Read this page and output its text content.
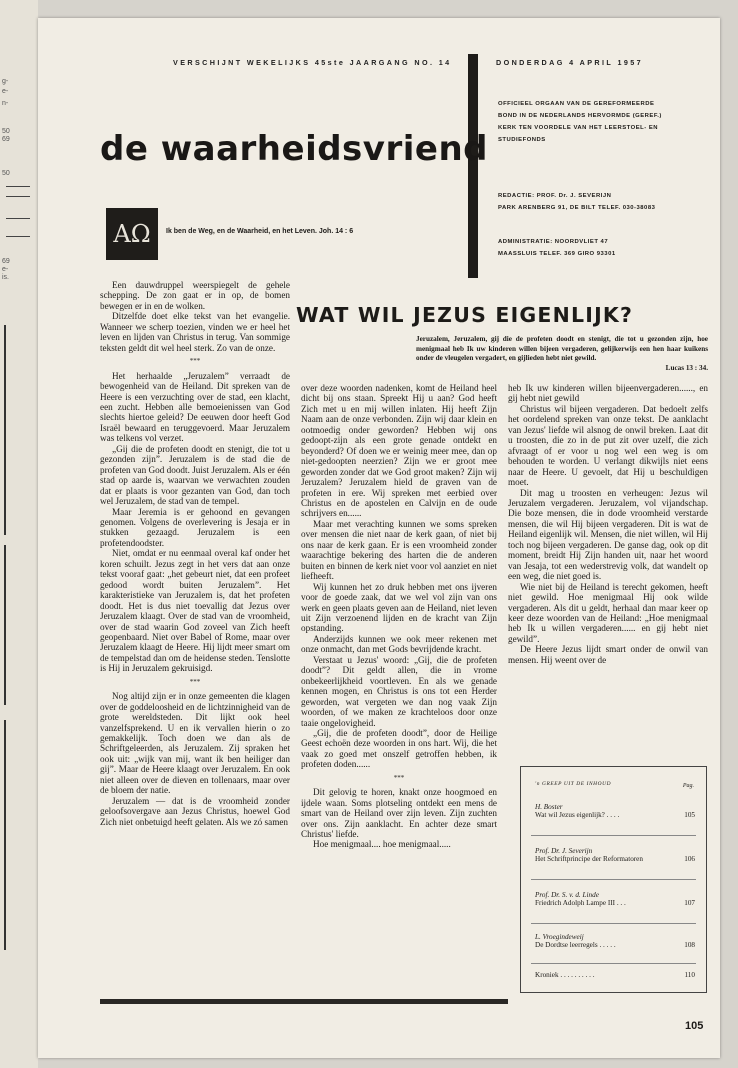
g-
e-
n-
50
69
50
69
e-
is.
VERSCHIJNT WEKELIJKS 45ste JAARGANG NO. 14	DONDERDAG 4 APRIL 1957
de waarheidsvriend
AΩ	Ik ben de Weg, en de Waarheid, en het Leven. Joh. 14 : 6
OFFICIEEL ORGAAN VAN DE GEREFORMEERDE
BOND IN DE NEDERLANDS HERVORMDE (GEREF.)
KERK TEN VOORDELE VAN HET LEERSTOEL- EN
STUDIEFONDS
REDACTIE: PROF. Dr. J. SEVERIJN
PARK ARENBERG 91, DE BILT TELEF. 030-38083
ADMINISTRATIE: NOORDVLIET 47
MAASSLUIS TELEF. 369 GIRO 93301
WAT WIL JEZUS EIGENLIJK?
Jeruzalem, Jeruzalem, gij die de profeten doodt en stenigt, die tot u gezonden zijn, hoe menigmaal heb Ik uw kinderen willen bijeen vergaderen, gelijkerwijs een hen haar kuikens onder de vleugelen vergadert, en gijlieden hebt niet gewild.
Lucas 13 : 34.

Een dauwdruppel weerspiegelt de gehele schepping. De zon gaat er in op, de bomen bewegen er in en de wolken.

Ditzelfde doet elke tekst van het evangelie. Wanneer we scherp toezien, vinden we er heel het leven en lijden van Christus in terug. Van sommige teksten geldt dit wel heel sterk. Zo van de onze.

***

Het herhaalde „Jeruzalem” verraadt de bewogenheid van de Heiland. Dit spreken van de Heere is een verzuchting over de stad, een klacht, een zucht. Hebben alle bemoeienissen van God slechts hiertoe geleid? De eeuwen door heeft God Israël bewaard en teruggevoerd. Maar Jeruzalem was telkens vol verzet.

„Gij die de profeten doodt en stenigt, die tot u gezonden zijn”. Jeruzalem is de stad die de profeten van God doodt. Juist Jeruzalem. Als er één stad op aarde is, waarvan we verwachten zouden dat er plaats is voor gezanten van God, dan toch wel Jeruzalem, de stad van de tempel.

Maar Jeremia is er gehoond en gevangen genomen. Volgens de overlevering is Jesaja er in stukken gezaagd. Jeruzalem is een profetendoodster.

Niet, omdat er nu eenmaal overal kaf onder het koren schuilt. Jezus zegt in het vers dat aan onze tekst vooraf gaat: „het gebeurt niet, dat een profeet gedood wordt buiten Jeruzalem”. Het karakteristieke van Jeruzalem is, dat het profeten doodt. Het is dus niet toevallig dat Jezus over Jeruzalem klaagt. Over de stad van de vroomheid, over de stad waarin God zoveel van Zich heeft geopenbaard. Niet over Babel of Rome, maar over Jeruzalem klaagt de Heere. Hij lijdt meer smart om de tempelstad dan om de heidense steden. Tenslotte is Hij in Jeruzalem gekruisigd.

***

Nog altijd zijn er in onze gemeenten die klagen over de goddeloosheid en de lichtzinnigheid van de grote wereldsteden. Dit lijkt ook heel vanzelfsprekend. U en ik vervallen hierin o zo gemakkelijk. Toch doen we dan als de Schriftgeleerden, als Jeruzalem. Zij spraken het ook uit: „wijk van mij, want ik ben heiliger dan gij”. Maar de Heere klaagt over Jeruzalem. En ook niet alleen over de dieven en tollenaars, maar over de bloem der natie.

Jeruzalem — dat is de vroomheid zonder geloofsovergave aan Jezus Christus, hoewel God Zich niet onbetuigd heeft gelaten. Als we zó samen

over deze woorden nadenken, komt de Heiland heel dicht bij ons staan. Spreekt Hij u aan? God heeft Zich met u en mij willen inlaten. Hij heeft Zijn Naam aan de onze verbonden. Zijn wij daar klein en ootmoedig onder geworden? Hebben wij ons gedoopt-zijn als een grote genade ontdekt en beyonderd? Of doen we er weinig meer mee, dan op niet-gedoopten neerzien? Zijn we er groot mee geworden zonder dat we God groot maken? Zijn wij Jeruzalem? Jeruzalem hield de graven van de profeten in ere. Wij spreken met eerbied over Christus en de apostelen en Calvijn en de oude schrijvers en......

Maar met verachting kunnen we soms spreken over mensen die niet naar de kerk gaan, of niet bij ons naar de kerk gaan. Er is een vroomheid zonder waarachtige bekering des harten die de anderen buiten en binnen de kerk niet voor vol aanziet en niet liefheeft.

Wij kunnen het zo druk hebben met ons ijveren voor de goede zaak, dat we wel vol zijn van ons werk en geen plaats geven aan de Heiland, niet leven uit Zijn verzoenend lijden en de kracht van Zijn opstanding.

Anderzijds kunnen we ook meer rekenen met onze onmacht, dan met Gods bevrijdende kracht.

Verstaat u Jezus' woord: „Gij, die de profeten doodt”? Dit geldt allen, die in vrome onbekeerlijkheid voortleven. En als we genade kennen mogen, en Christus is ons tot een Herder geworden, wat vergeten we dan nog vaak Zijn woorden, of we maken ze krachteloos door onze taaie ongelovigheid.

„Gij, die de profeten doodt”, door de Heilige Geest echoën deze woorden in ons hart. Wij, die het vaak zo goed met onszelf getroffen hebben, ik profeten doden......

***

Dit gelovig te horen, knakt onze hoogmoed en ijdele waan. Soms plotseling ontdekt een mens de smart van de Heiland over zijn leven. Zijn zuchten over ons. Zijn aanklacht. En achter deze smart Christus' liefde.

Hoe menigmaal.... hoe menigmaal.....

heb Ik uw kinderen willen bijeenvergaderen......, en gij hebt niet gewild

Christus wil bijeen vergaderen. Dat bedoelt zelfs het oordelend spreken van onze tekst. De aanklacht van Jezus' liefde wil alsnog de onwil breken. Laat dit u troosten, die zo in de put zit over uzelf, die zich afvraagt of er voor u nog wel een weg is om behouden te worden. U verlangt dikwijls niet eens naar de Heere. U gevoelt, dat Hij u beschuldigen moet.

Dit mag u troosten en verheugen: Jezus wil Jeruzalem vergaderen. Jeruzalem, vol vijandschap. Die boze mensen, die in dode vroomheid verstarde mensen, die wil Hij bijeen vergaderen. Dit is wat de Heiland eigenlijk wil. Mensen, die niet willen, wil Hij toch nog bijeen vergaderen. De ganse dag, ook op dit moment, breidt Hij Zijn handen uit, naar het woord van Jesaja, tot een wederstrevig volk, dat wandelt op een weg, die niet goed is.

Wie niet bij de Heiland is terecht gekomen, heeft niet gewild. Hoe menigmaal Hij ook wilde vergaderen. Als dit u geldt, herhaal dan maar keer op keer deze woorden van de Heiland: „Hoe menigmaal heb Ik u willen vergaderen...... en gij hebt niet gewild”.

De Heere Jezus lijdt smart onder de onwil van mensen. Hij weent over de

'n GREEP UIT DE INHOUD	Pag.
H. Boster
Wat wil Jezus eigenlijk? . . . .	105
Prof. Dr. J. Severijn
Het Schriftprincipe der Reformatoren	106
Prof. Dr. S. v. d. Linde
Friedrich Adolph Lampe III . . .	107
L. Vroegindeweij
De Dordtse leerregels . . . . .	108
Kroniek . . . . . . . . . .	110
105
